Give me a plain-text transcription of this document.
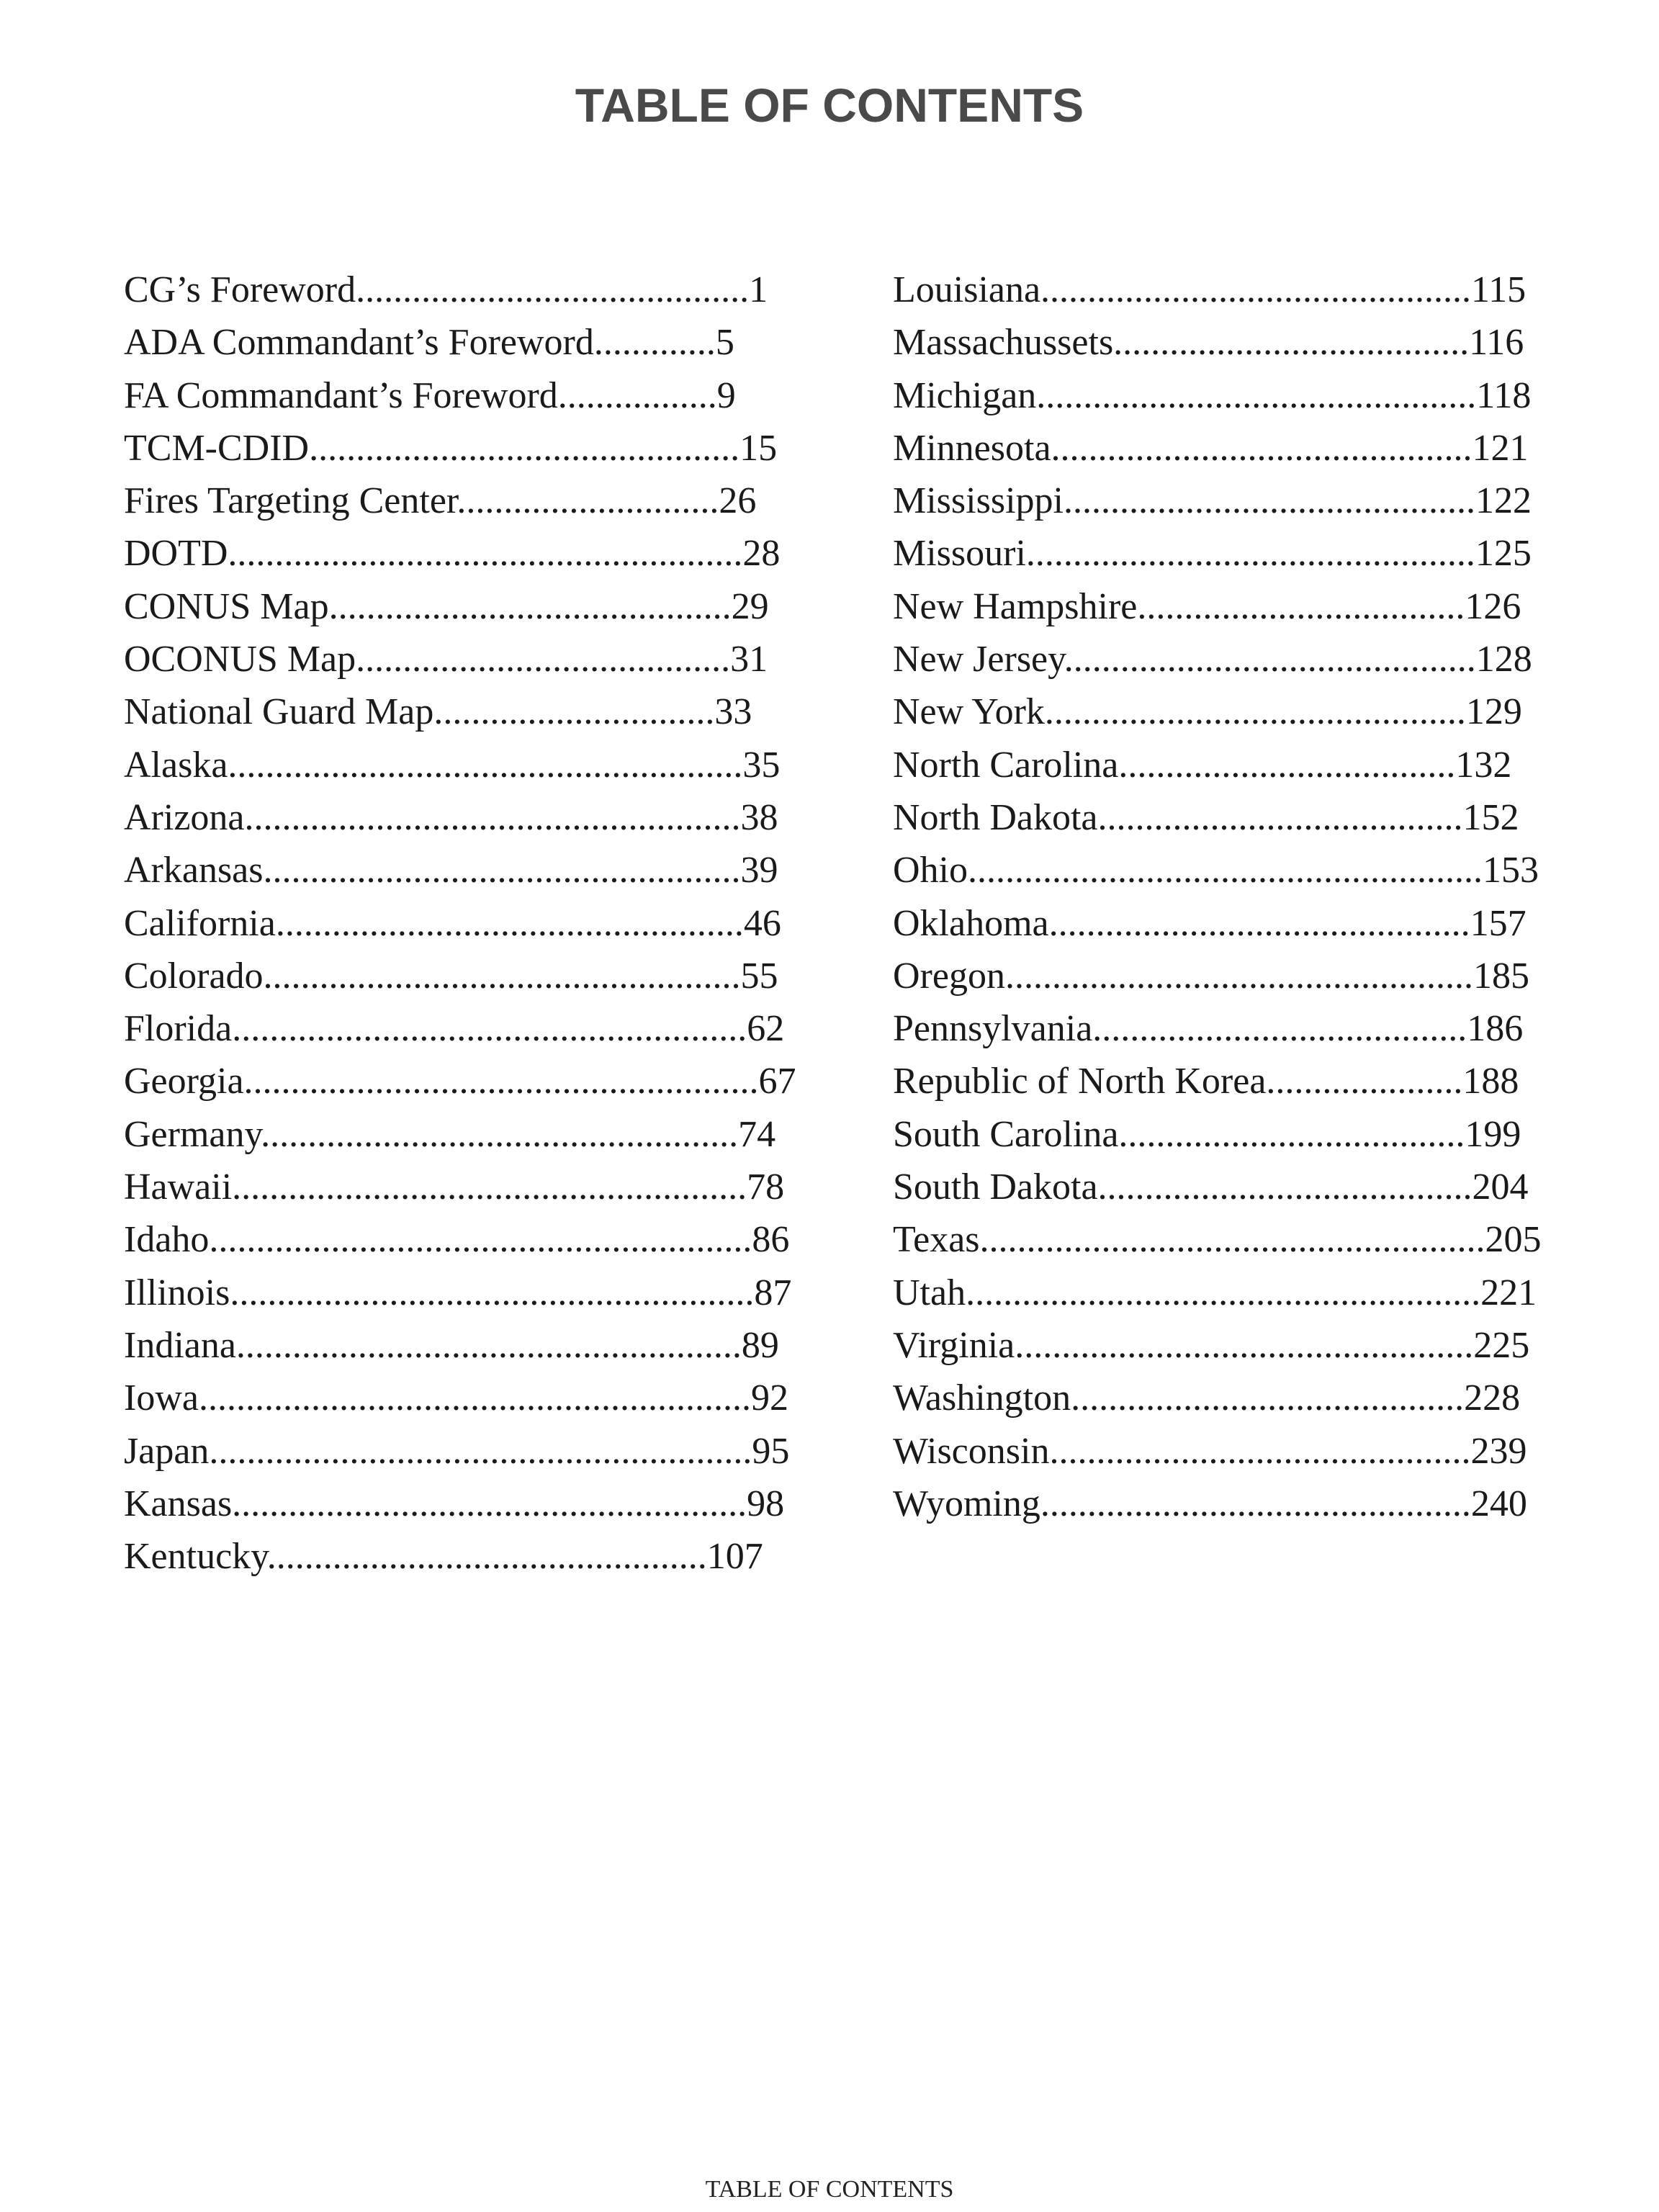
TABLE OF CONTENTS
CG’s Foreword..........................................1
ADA Commandant’s Foreword.............5
FA Commandant’s Foreword.................9
TCM-CDID..............................................15
Fires Targeting Center............................26
DOTD.......................................................28
CONUS Map...........................................29
OCONUS Map........................................31
National Guard Map..............................33
Alaska.......................................................35
Arizona.....................................................38
Arkansas...................................................39
California..................................................46
Colorado...................................................55
Florida.......................................................62
Georgia.......................................................67
Germany...................................................74
Hawaii.......................................................78
Idaho..........................................................86
Illinois........................................................87
Indiana......................................................89
Iowa...........................................................92
Japan..........................................................95
Kansas.......................................................98
Kentucky...............................................107
Louisiana..............................................115
Massachussets......................................116
Michigan...............................................118
Minnesota.............................................121
Mississippi............................................122
Missouri................................................125
New Hampshire...................................126
New Jersey............................................128
New York.............................................129
North Carolina....................................132
North Dakota.......................................152
Ohio.......................................................153
Oklahoma.............................................157
Oregon..................................................185
Pennsylvania........................................186
Republic of North Korea.....................188
South Carolina.....................................199
South Dakota........................................204
Texas......................................................205
Utah.......................................................221
Virginia.................................................225
Washington..........................................228
Wisconsin.............................................239
Wyoming..............................................240
TABLE OF CONTENTS
